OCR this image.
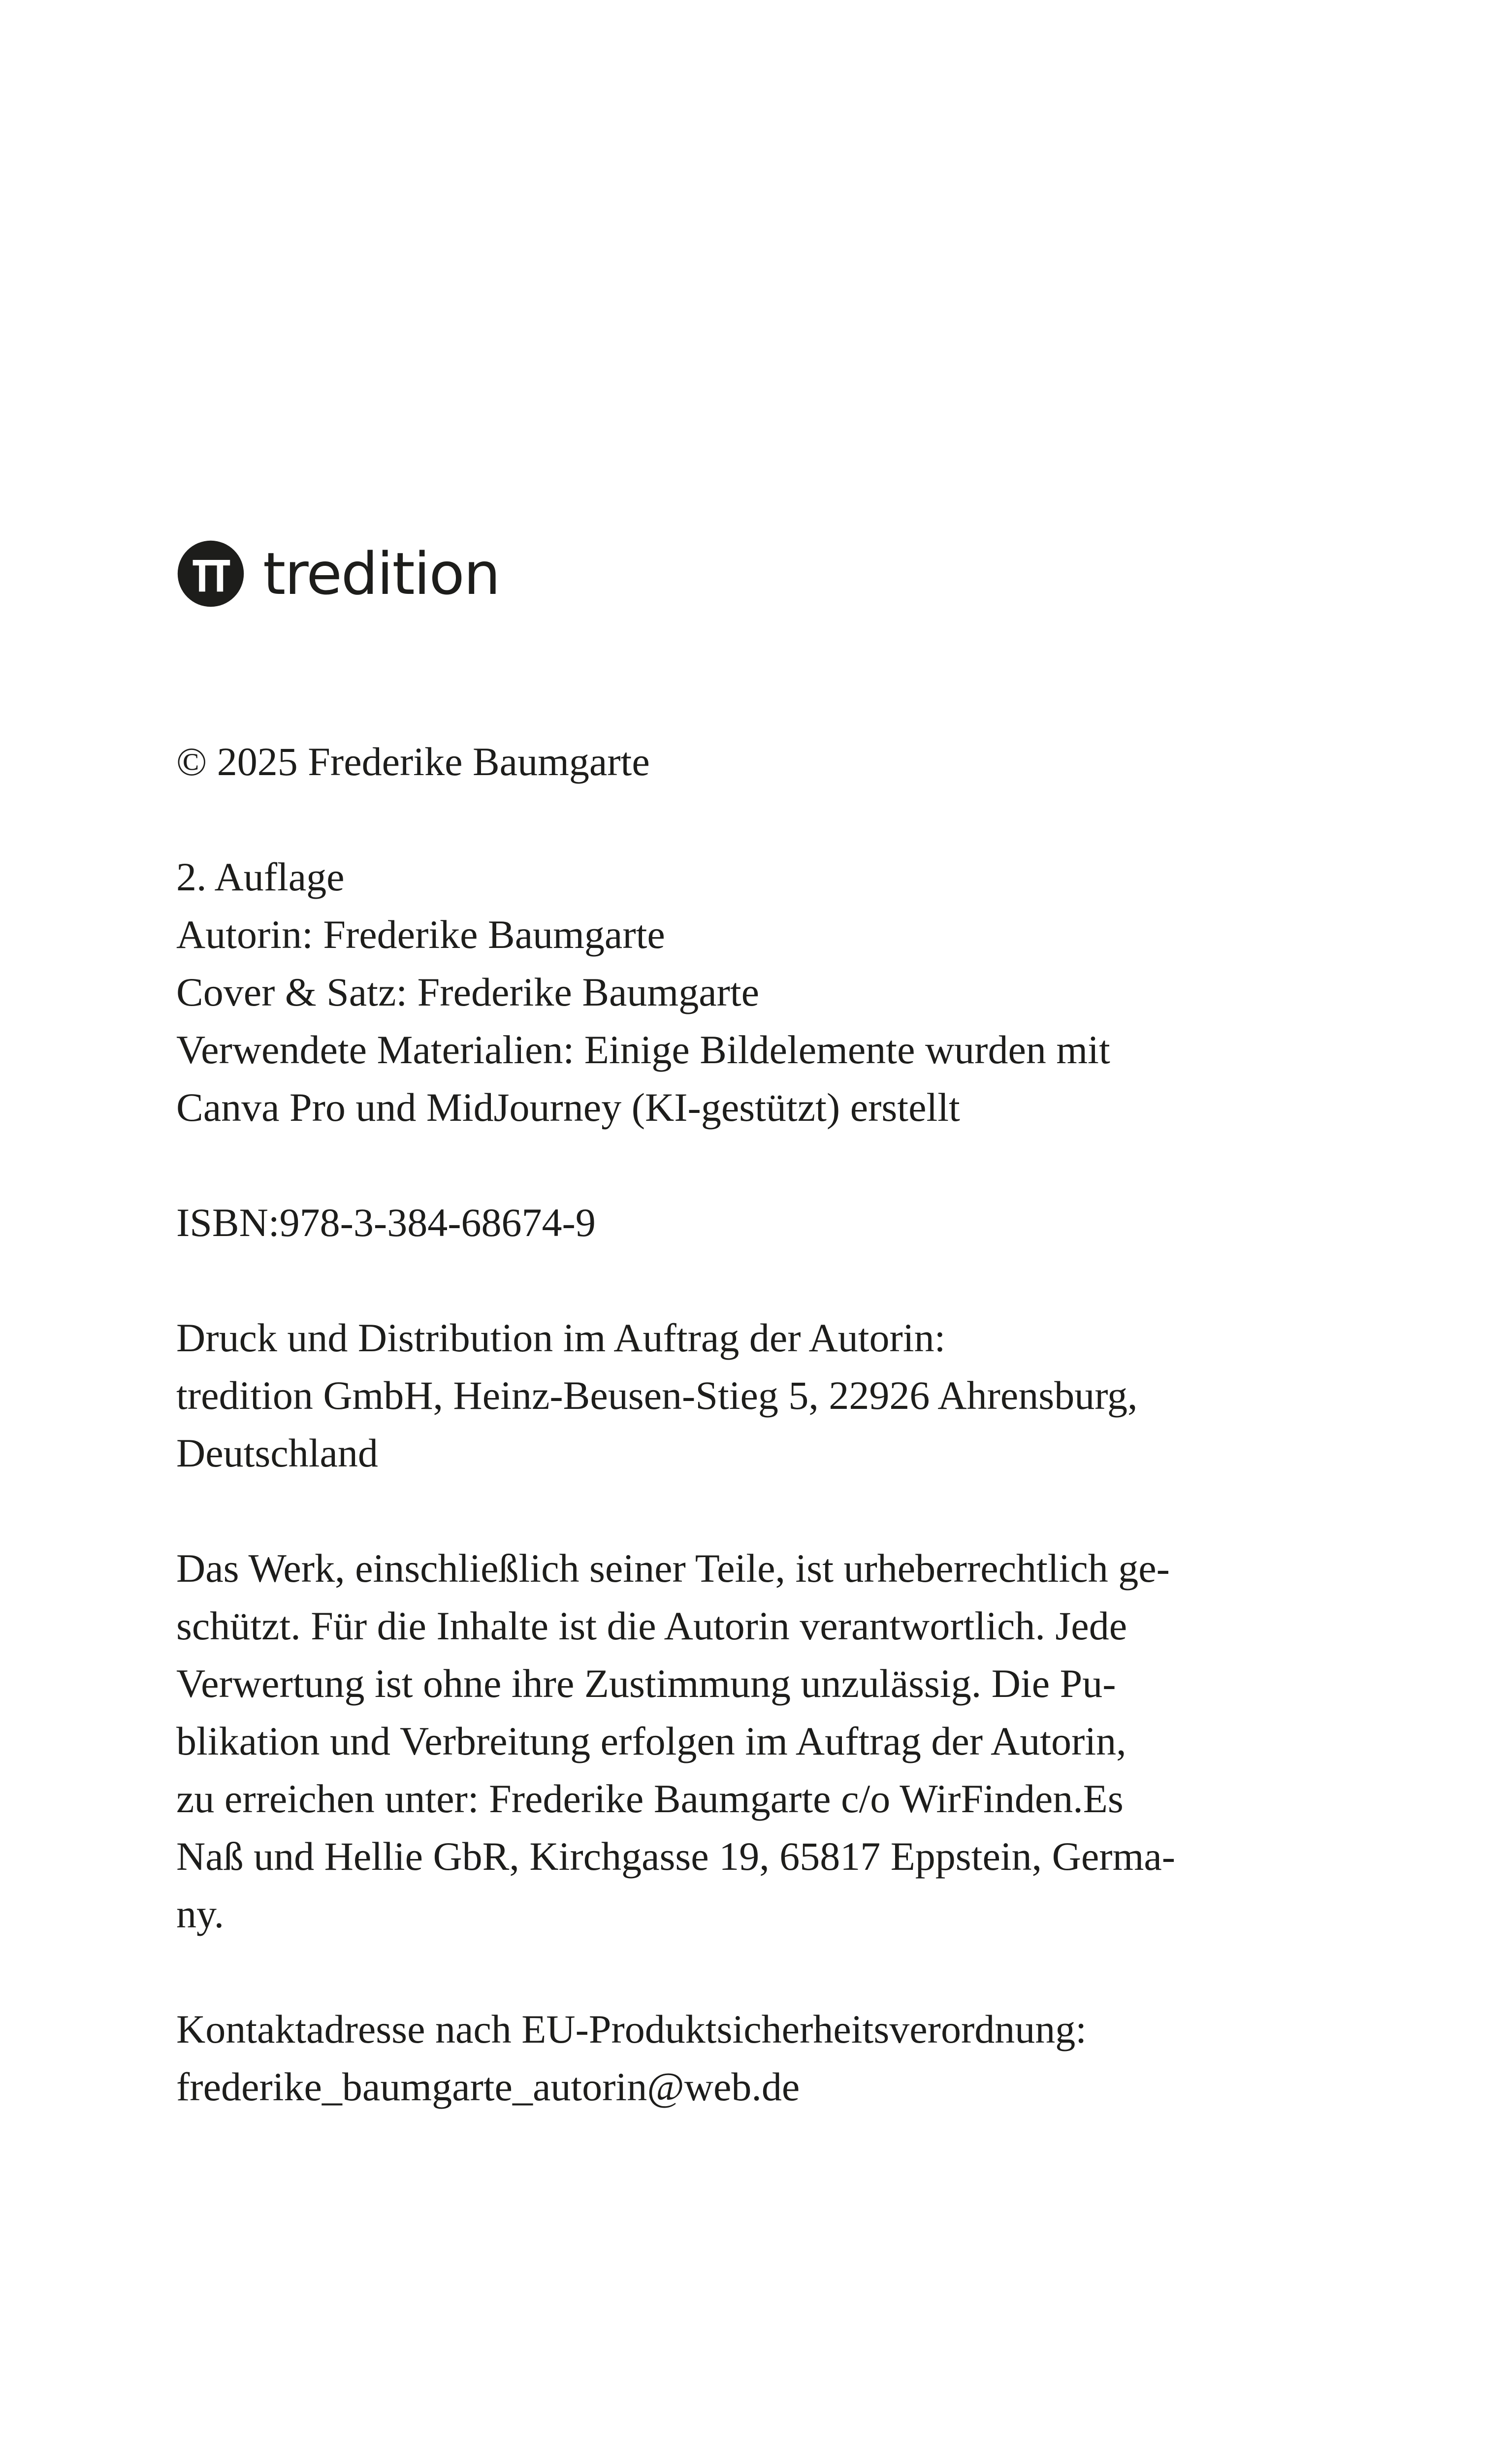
tredition
© 2025 Frederike Baumgarte
2. Auflage
Autorin: Frederike Baumgarte
Cover & Satz: Frederike Baumgarte
Verwendete Materialien: Einige Bildelemente wurden mit
Canva Pro und MidJourney (KI-gestützt) erstellt
ISBN:978-3-384-68674-9
Druck und Distribution im Auftrag der Autorin:
tredition GmbH, Heinz-Beusen-Stieg 5, 22926 Ahrensburg,
Deutschland
Das Werk, einschließlich seiner Teile, ist urheberrechtlich ge-
schützt. Für die Inhalte ist die Autorin verantwortlich. Jede
Verwertung ist ohne ihre Zustimmung unzulässig. Die Pu-
blikation und Verbreitung erfolgen im Auftrag der Autorin,
zu erreichen unter: Frederike Baumgarte c/o WirFinden.Es
Naß und Hellie GbR, Kirchgasse 19, 65817 Eppstein, Germa-
ny.
Kontaktadresse nach EU-Produktsicherheitsverordnung:
frederike_baumgarte_autorin@web.de
